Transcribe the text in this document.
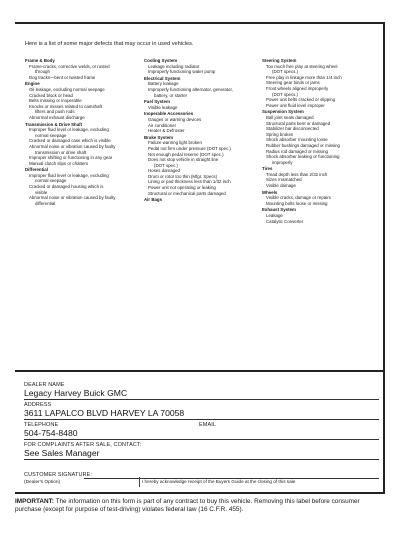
Here is a list of some major defects that may occur in used vehicles.
Frame & Body
Frame-cracks, corrective welds, or rusted
through
Dog tracks—bent or twisted frame
Engine
Oil leakage, excluding normal seepage
Cracked block or head
Belts missing or inoperable
Knocks or misses related to camshaft
lifters and push rods
Abnormal exhaust discharge
Transmission & Drive Shaft
Improper fluid level or leakage, excluding
normal seepage
Cracked or damaged case which is visible
Abnormal noise or vibration caused by faulty
transmission or drive shaft
Improper shifting or functioning in any gear
Manual clutch slips or chatters
Differential
Improper fluid level or leakage, excluding
normal seepage
Cracked or damaged housing which is
visible
Abnormal noise or vibration caused by faulty
differential
Cooling System
Leakage including radiator
Improperly functioning water pump
Electrical System
Battery leakage
Improperly functioning alternator, generator,
battery, or starter
Fuel System
Visible leakage
Inoperable Accessories
Gauges or warning devices
Air conditioner
Heater & Defroster
Brake System
Failure warning light broken
Pedal not firm under pressure (DOT spec.)
Not enough pedal reserve (DOT spec.)
Does not stop vehicle in straight line
(DOT spec.)
Hoses damaged
Drum or rotor too thin (Mfgr. Specs)
Lining or pad thickness less than 1/32 inch
Power unit not operating or leaking
Structural or mechanical parts damaged
Air Bags
Steering System
Too much free play at steering wheel
(DOT specs.)
Free play in linkage more than 1/4 inch
Steering gear binds or jams
Front wheels aligned improperly
(DOT specs.)
Power unit belts cracked or slipping
Power unit fluid level improper
Suspension System
Ball joint seals damaged
Structural parts bent or damaged
Stabilizer bar disconnected
Spring broken
Shock absorber mounting loose
Rubber bushings damaged or missing
Radius rod damaged or missing
Shock absorber leaking or functioning
improperly
Tires
Tread depth less than 2/32 inch
Sizes mismatched
Visible damage
Wheels
Visible cracks, damage or repairs
Mounting bolts loose or missing
Exhaust System
Leakage
Catalytic Converter
DEALER NAME
Legacy Harvey Buick GMC
ADDRESS
3611 LAPALCO BLVD HARVEY LA 70058
TELEPHONE
504-754-8480
EMAIL
FOR COMPLAINTS AFTER SALE, CONTACT:
See Sales Manager
CUSTOMER SIGNATURE:
(Dealer's Option)	I hereby acknowledge receipt of the Buyers Guide at the closing of this sale.
IMPORTANT: The information on this form is part of any contract to buy this vehicle. Removing this label before consumer purchase (except for purpose of test-driving) violates federal law (16 C.F.R. 455).
